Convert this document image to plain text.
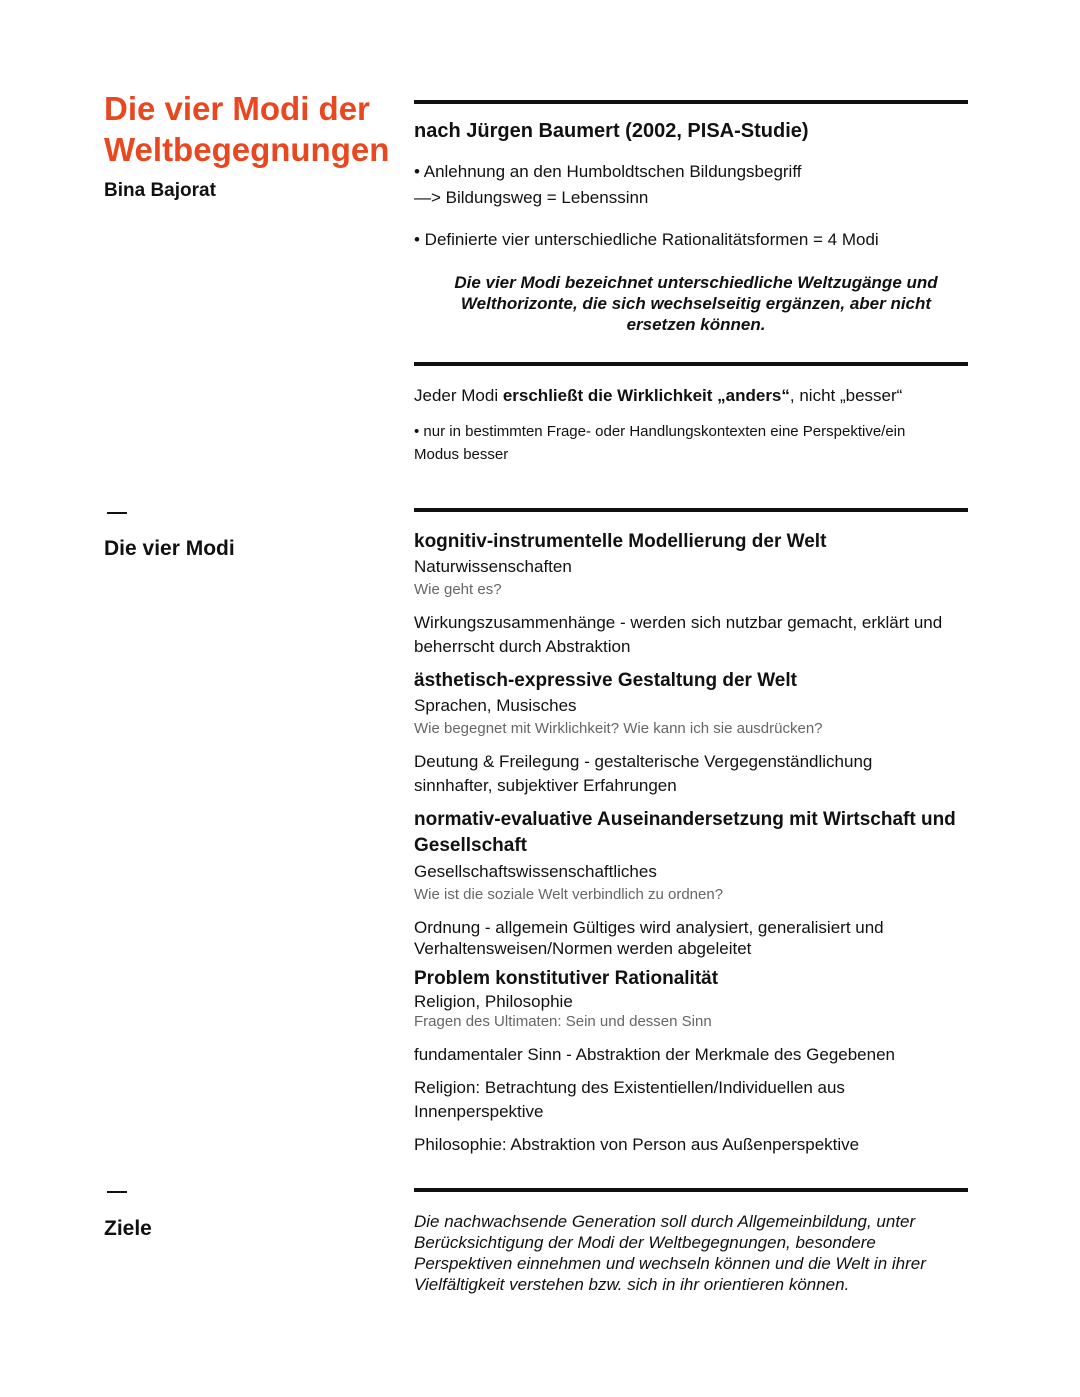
Die vier Modi der
Weltbegegnungen
Bina Bajorat
Die vier Modi
Ziele
nach Jürgen Baumert (2002, PISA-Studie)
• Anlehnung an den Humboldtschen Bildungsbegriff
—> Bildungsweg = Lebenssinn
• Definierte vier unterschiedliche Rationalitätsformen = 4 Modi
Die vier Modi bezeichnet unterschiedliche Weltzugänge und
Welthorizonte, die sich wechselseitig ergänzen, aber nicht
ersetzen können.
Jeder Modi erschließt die Wirklichkeit „anders“, nicht „besser“
• nur in bestimmten Frage- oder Handlungskontexten eine Perspektive/ein
Modus besser
kognitiv-instrumentelle Modellierung der Welt
Naturwissenschaften
Wie geht es?
Wirkungszusammenhänge - werden sich nutzbar gemacht, erklärt und
beherrscht durch Abstraktion
ästhetisch-expressive Gestaltung der Welt
Sprachen, Musisches
Wie begegnet mit Wirklichkeit? Wie kann ich sie ausdrücken?
Deutung & Freilegung - gestalterische Vergegenständlichung
sinnhafter, subjektiver Erfahrungen
normativ-evaluative Auseinandersetzung mit Wirtschaft und
Gesellschaft
Gesellschaftswissenschaftliches
Wie ist die soziale Welt verbindlich zu ordnen?
Ordnung - allgemein Gültiges wird analysiert, generalisiert und
Verhaltensweisen/Normen werden abgeleitet
Problem konstitutiver Rationalität
Religion, Philosophie
Fragen des Ultimaten: Sein und dessen Sinn
fundamentaler Sinn - Abstraktion der Merkmale des Gegebenen
Religion: Betrachtung des Existentiellen/Individuellen aus
Innenperspektive
Philosophie: Abstraktion von Person aus Außenperspektive
Die nachwachsende Generation soll durch Allgemeinbildung, unter
Berücksichtigung der Modi der Weltbegegnungen, besondere
Perspektiven einnehmen und wechseln können und die Welt in ihrer
Vielfältigkeit verstehen bzw. sich in ihr orientieren können.
